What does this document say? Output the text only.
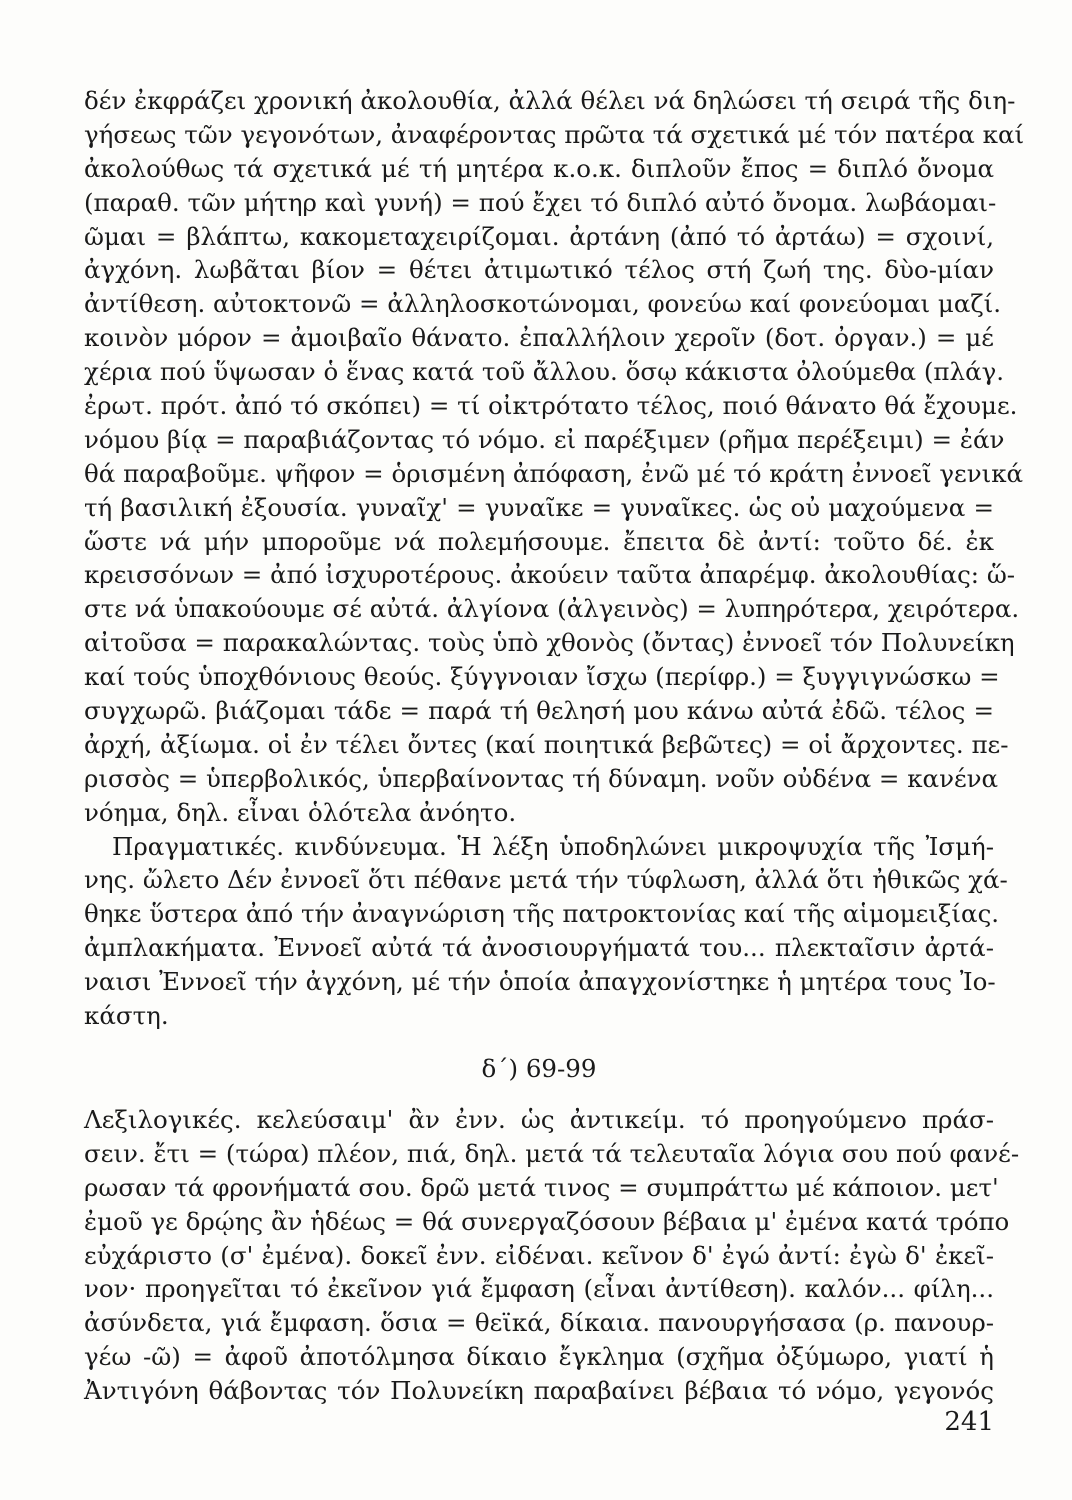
δέν ἐκφράζει χρονική ἀκολουθία, ἀλλά θέλει νά δηλώσει τή σειρά τῆς διη-
γήσεως τῶν γεγονότων, ἀναφέροντας πρῶτα τά σχετικά μέ τόν πατέρα καί
ἀκολούθως τά σχετικά μέ τή μητέρα κ.ο.κ. διπλοῦν ἔπος = διπλό ὄνομα
(παραθ. τῶν μήτηρ καὶ γυνή) = πού ἔχει τό διπλό αὐτό ὄνομα. λωβάομαι-
ῶμαι = βλάπτω, κακομεταχειρίζομαι. ἀρτάνη (ἀπό τό ἀρτάω) = σχοινί,
ἀγχόνη. λωβᾶται βίον = θέτει ἀτιμωτικό τέλος στή ζωή της. δὺο-μίαν
ἀντίθεση. αὐτοκτονῶ = ἀλληλοσκοτώνομαι, φονεύω καί φονεύομαι μαζί.
κοινὸν μόρον = ἀμοιβαῖο θάνατο. ἐπαλλήλοιν χεροῖν (δοτ. ὀργαν.) = μέ
χέρια πού ὕψωσαν ὁ ἕνας κατά τοῦ ἄλλου. ὅσῳ κάκιστα ὀλούμεθα (πλάγ.
ἐρωτ. πρότ. ἀπό τό σκόπει) = τί οἰκτρότατο τέλος, ποιό θάνατο θά ἔχουμε.
νόμου βίᾳ = παραβιάζοντας τό νόμο. εἰ παρέξιμεν (ρῆμα περέξειμι) = ἐάν
θά παραβοῦμε. ψῆφον = ὁρισμένη ἀπόφαση, ἐνῶ μέ τό κράτη ἐννοεῖ γενικά
τή βασιλική ἐξουσία. γυναῖχ' = γυναῖκε = γυναῖκες. ὡς οὐ μαχούμενα =
ὥστε νά μήν μποροῦμε νά πολεμήσουμε. ἔπειτα δὲ ἀντί: τοῦτο δέ. ἐκ
κρεισσόνων = ἀπό ἰσχυροτέρους. ἀκούειν ταῦτα ἀπαρέμφ. ἀκολουθίας: ὥ-
στε νά ὑπακούουμε σέ αὐτά. ἀλγίονα (ἀλγεινὸς) = λυπηρότερα, χειρότερα.
αἰτοῦσα = παρακαλώντας. τοὺς ὑπὸ χθονὸς (ὄντας) ἐννοεῖ τόν Πολυνείκη
καί τούς ὑποχθόνιους θεούς. ξύγγνοιαν ἴσχω (περίφρ.) = ξυγγιγνώσκω =
συγχωρῶ. βιάζομαι τάδε = παρά τή θελησή μου κάνω αὐτά ἐδῶ. τέλος =
ἀρχή, ἀξίωμα. οἱ ἐν τέλει ὄντες (καί ποιητικά βεβῶτες) = οἱ ἄρχοντες. πε-
ρισσὸς = ὑπερβολικός, ὑπερβαίνοντας τή δύναμη. νοῦν οὐδένα = κανένα
νόημα, δηλ. εἶναι ὁλότελα ἀνόητο.
Πραγματικές. κινδύνευμα. Ἡ λέξη ὑποδηλώνει μικροψυχία τῆς Ἰσμή-
νης. ὤλετο Δέν ἐννοεῖ ὅτι πέθανε μετά τήν τύφλωση, ἀλλά ὅτι ἠθικῶς χά-
θηκε ὕστερα ἀπό τήν ἀναγνώριση τῆς πατροκτονίας καί τῆς αἱμομειξίας.
ἀμπλακήματα. Ἐννοεῖ αὐτά τά ἀνοσιουργήματά του... πλεκταῖσιν ἀρτά-
ναισι Ἐννοεῖ τήν ἀγχόνη, μέ τήν ὁποία ἀπαγχονίστηκε ἡ μητέρα τους Ἰο-
κάστη.
δ΄) 69-99
Λεξιλογικές. κελεύσαιμ' ἂν ἐνν. ὡς ἀντικείμ. τό προηγούμενο πράσ-
σειν. ἔτι = (τώρα) πλέον, πιά, δηλ. μετά τά τελευταῖα λόγια σου πού φανέ-
ρωσαν τά φρονήματά σου. δρῶ μετά τινος = συμπράττω μέ κάποιον. μετ'
ἐμοῦ γε δρῴης ἂν ἡδέως = θά συνεργαζόσουν βέβαια μ' ἐμένα κατά τρόπο
εὐχάριστο (σ' ἐμένα). δοκεῖ ἐνν. εἰδέναι. κεῖνον δ' ἐγώ ἀντί: ἐγὼ δ' ἐκεῖ-
νον· προηγεῖται τό ἐκεῖνον γιά ἔμφαση (εἶναι ἀντίθεση). καλόν... φίλη...
ἀσύνδετα, γιά ἔμφαση. ὅσια = θεϊκά, δίκαια. πανουργήσασα (ρ. πανουρ-
γέω -ῶ) = ἀφοῦ ἀποτόλμησα δίκαιο ἔγκλημα (σχῆμα ὀξύμωρο, γιατί ἡ
Ἀντιγόνη θάβοντας τόν Πολυνείκη παραβαίνει βέβαια τό νόμο, γεγονός
241
